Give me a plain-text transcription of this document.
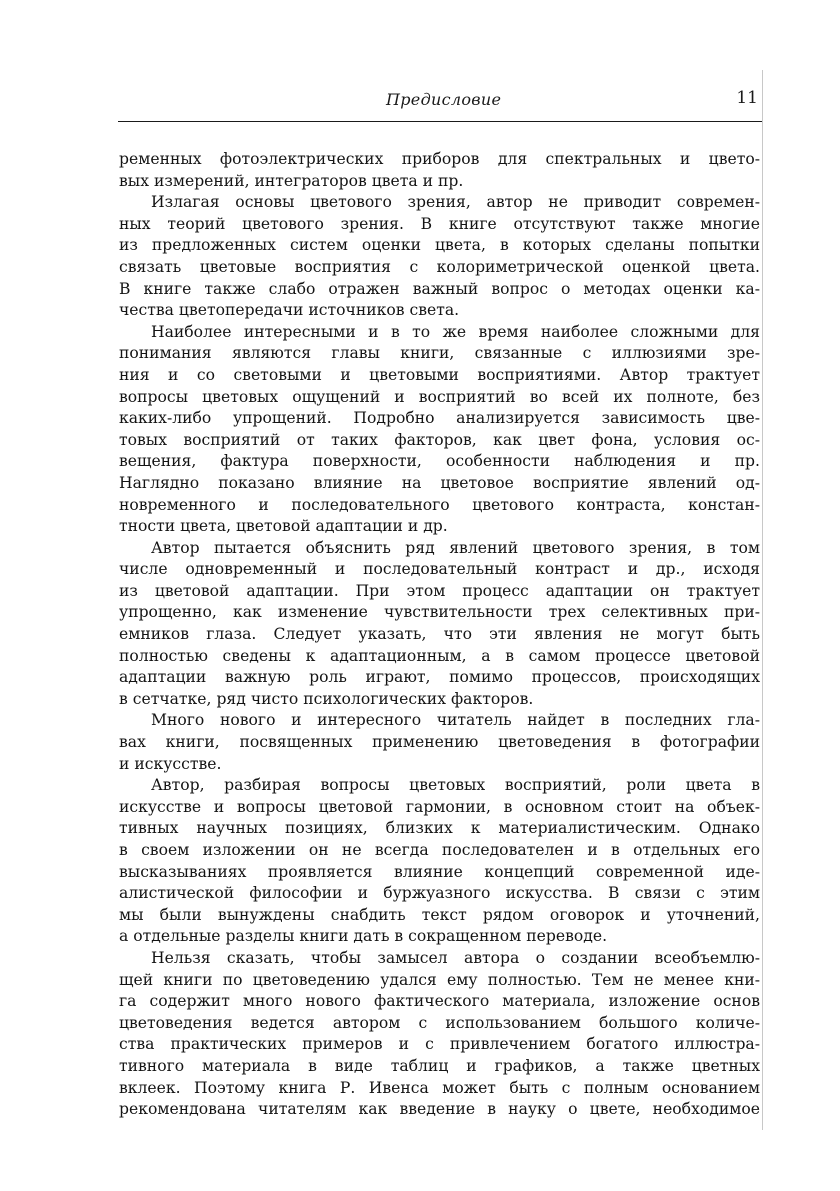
Предисловие	11
ременных фотоэлектрических приборов для спектральных и цвето-
вых измерений, интеграторов цвета и пр.
Излагая основы цветового зрения, автор не приводит современ-
ных теорий цветового зрения. В книге отсутствуют также многие
из предложенных систем оценки цвета, в которых сделаны попытки
связать цветовые восприятия с колориметрической оценкой цвета.
В книге также слабо отражен важный вопрос о методах оценки ка-
чества цветопередачи источников света.
Наиболее интересными и в то же время наиболее сложными для
понимания являются главы книги, связанные с иллюзиями зре-
ния и со световыми и цветовыми восприятиями. Автор трактует
вопросы цветовых ощущений и восприятий во всей их полноте, без
каких-либо упрощений. Подробно анализируется зависимость цве-
товых восприятий от таких факторов, как цвет фона, условия ос-
вещения, фактура поверхности, особенности наблюдения и пр.
Наглядно показано влияние на цветовое восприятие явлений од-
новременного и последовательного цветового контраста, констан-
тности цвета, цветовой адаптации и др.
Автор пытается объяснить ряд явлений цветового зрения, в том
числе одновременный и последовательный контраст и др., исходя
из цветовой адаптации. При этом процесс адаптации он трактует
упрощенно, как изменение чувствительности трех селективных при-
емников глаза. Следует указать, что эти явления не могут быть
полностью сведены к адаптационным, а в самом процессе цветовой
адаптации важную роль играют, помимо процессов, происходящих
в сетчатке, ряд чисто психологических факторов.
Много нового и интересного читатель найдет в последних гла-
вах книги, посвященных применению цветоведения в фотографии
и искусстве.
Автор, разбирая вопросы цветовых восприятий, роли цвета в
искусстве и вопросы цветовой гармонии, в основном стоит на объек-
тивных научных позициях, близких к материалистическим. Однако
в своем изложении он не всегда последователен и в отдельных его
высказываниях проявляется влияние концепций современной иде-
алистической философии и буржуазного искусства. В связи с этим
мы были вынуждены снабдить текст рядом оговорок и уточнений,
а отдельные разделы книги дать в сокращенном переводе.
Нельзя сказать, чтобы замысел автора о создании всеобъемлю-
щей книги по цветоведению удался ему полностью. Тем не менее кни-
га содержит много нового фактического материала, изложение основ
цветоведения ведется автором с использованием большого количе-
ства практических примеров и с привлечением богатого иллюстра-
тивного материала в виде таблиц и графиков, а также цветных
вклеек. Поэтому книга Р. Ивенса может быть с полным основанием
рекомендована читателям как введение в науку о цвете, необходимое
